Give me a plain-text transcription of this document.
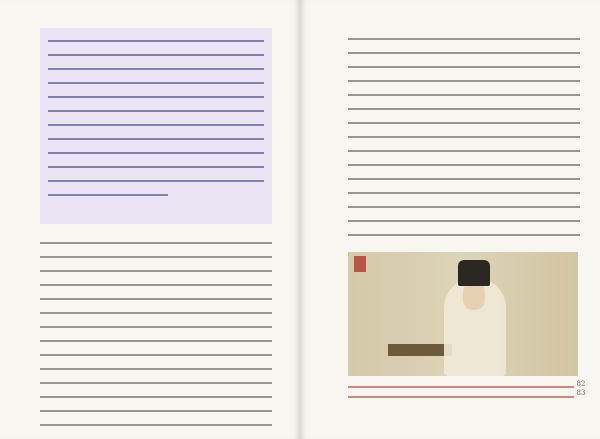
82
83
